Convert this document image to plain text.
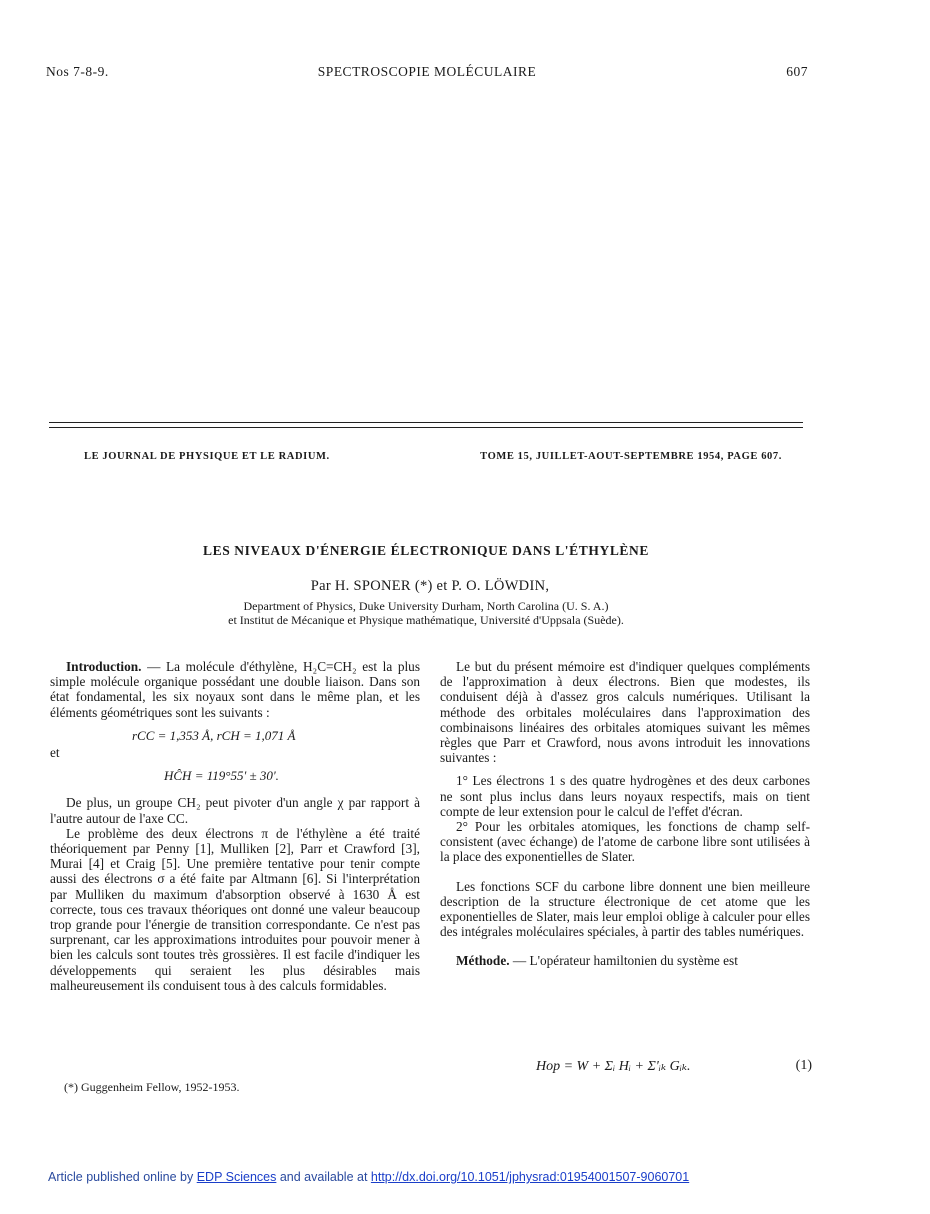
Nos 7-8-9.	SPECTROSCOPIE MOLÉCULAIRE	607
LE JOURNAL DE PHYSIQUE ET LE RADIUM.	TOME 15, JUILLET-AOUT-SEPTEMBRE 1954, PAGE 607.
LES NIVEAUX D'ÉNERGIE ÉLECTRONIQUE DANS L'ÉTHYLÈNE
Par H. SPONER (*) et P. O. LÖWDIN,
Department of Physics, Duke University Durham, North Carolina (U. S. A.)
et Institut de Mécanique et Physique mathématique, Université d'Uppsala (Suède).

Introduction. — La molécule d'éthylène, H₂C=CH₂ est la plus simple molécule organique possédant une double liaison. Dans son état fondamental, les six noyaux sont dans le même plan, et les éléments géométriques sont les suivants :

rCC = 1,353 Å, rCH = 1,071 Å
et
HĈH = 119°55' ± 30'.

De plus, un groupe CH₂ peut pivoter d'un angle χ par rapport à l'autre autour de l'axe CC.

Le problème des deux électrons π de l'éthylène a été traité théoriquement par Penny [1], Mulliken [2], Parr et Crawford [3], Murai [4] et Craig [5]. Une première tentative pour tenir compte aussi des électrons σ a été faite par Altmann [6]. Si l'interprétation par Mulliken du maximum d'absorption observé à 1630 Å est correcte, tous ces travaux théoriques ont donné une valeur beaucoup trop grande pour l'énergie de transition correspondante. Ce n'est pas surprenant, car les approximations introduites pour pouvoir mener à bien les calculs sont toutes très grossières. Il est facile d'indiquer les développements qui seraient les plus désirables mais malheureusement ils conduisent tous à des calculs formidables.

(*) Guggenheim Fellow, 1952-1953.

Le but du présent mémoire est d'indiquer quelques compléments de l'approximation à deux électrons. Bien que modestes, ils conduisent déjà à d'assez gros calculs numériques. Utilisant la méthode des orbitales moléculaires dans l'approximation des combinaisons linéaires des orbitales atomiques suivant les mêmes règles que Parr et Crawford, nous avons introduit les innovations suivantes :

1° Les électrons 1 s des quatre hydrogènes et des deux carbones ne sont plus inclus dans leurs noyaux respectifs, mais on tient compte de leur extension pour le calcul de l'effet d'écran.

2° Pour les orbitales atomiques, les fonctions de champ self-consistent (avec échange) de l'atome de carbone libre sont utilisées à la place des exponentielles de Slater.

Les fonctions SCF du carbone libre donnent une bien meilleure description de la structure électronique de cet atome que les exponentielles de Slater, mais leur emploi oblige à calculer pour elles des intégrales moléculaires spéciales, à partir des tables numériques.

Méthode. — L'opérateur hamiltonien du système est

Hop = W + Σᵢ Hᵢ + Σ'ᵢₖ Gᵢₖ.	(1)
Article published online by EDP Sciences and available at http://dx.doi.org/10.1051/jphysrad:01954001507-9060701
